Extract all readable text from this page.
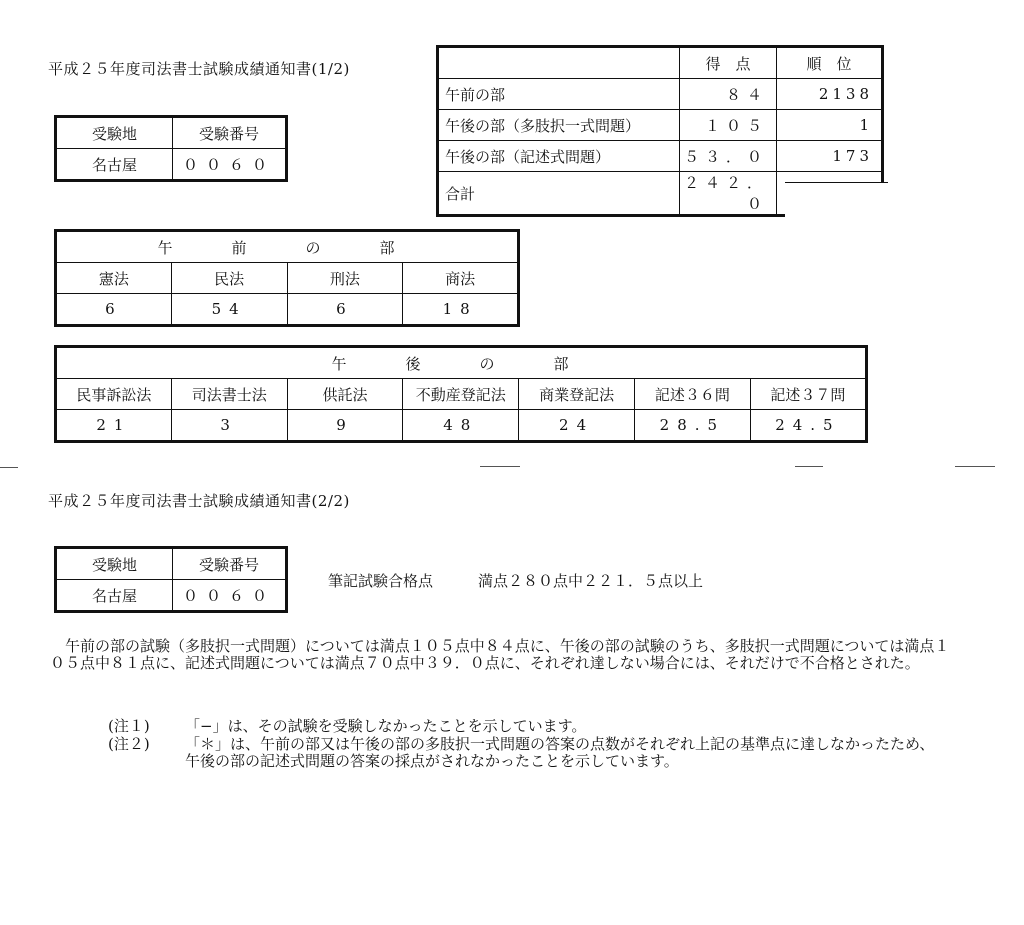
平成２５年度司法書士試験成績通知書(1/2)
受験地	受験番号
名古屋	００６０
	得　点	順　位
午前の部	８４	2138
午後の部（多肢択一式問題）	１０５	1
午後の部（記述式問題）	５３．０	173
合計	２４２．０	
午　前　の　部			
憲法	民法	刑法	商法
6	54	6	18
午　後　の　部						
民事訴訟法	司法書士法	供託法	不動産登記法	商業登記法	記述３６問	記述３７問
21	3	9	48	24	28.5	24.5
平成２５年度司法書士試験成績通知書(2/2)
受験地	受験番号
名古屋	００６０
筆記試験合格点	満点２８０点中２２１．５点以上
午前の部の試験（多肢択一式問題）については満点１０５点中８４点に、午後の部の試験のうち、多肢択一式問題については満点１０５点中８１点に、記述式問題については満点７０点中３９．０点に、それぞれ達しない場合には、それだけで不合格とされた。
(注１) 「−」は、その試験を受験しなかったことを示しています。
(注２) 「＊」は、午前の部又は午後の部の多肢択一式問題の答案の点数がそれぞれ上記の基準点に達しなかったため、午後の部の記述式問題の答案の採点がされなかったことを示しています。
